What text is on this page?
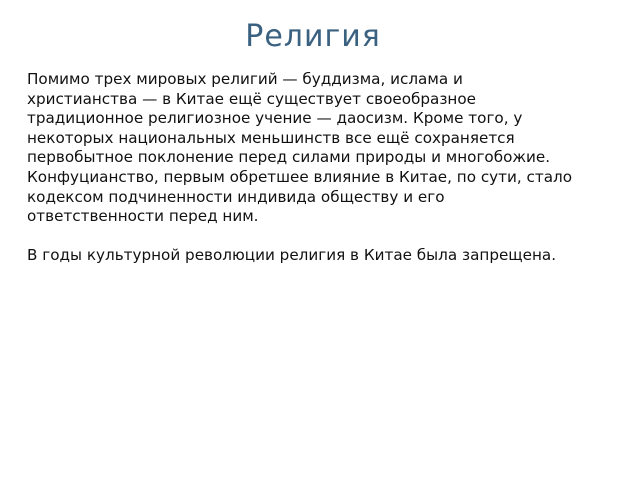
Религия

Помимо трех мировых религий — буддизма, ислама и

христианства — в Китае ещё существует своеобразное

традиционное религиозное учение — даосизм. Кроме того, у

некоторых национальных меньшинств все ещё сохраняется

первобытное поклонение перед силами природы и многобожие.

Конфуцианство, первым обретшее влияние в Китае, по сути, стало

кодексом подчиненности индивида обществу и его

ответственности перед ним.

В годы культурной революции религия в Китае была запрещена.
